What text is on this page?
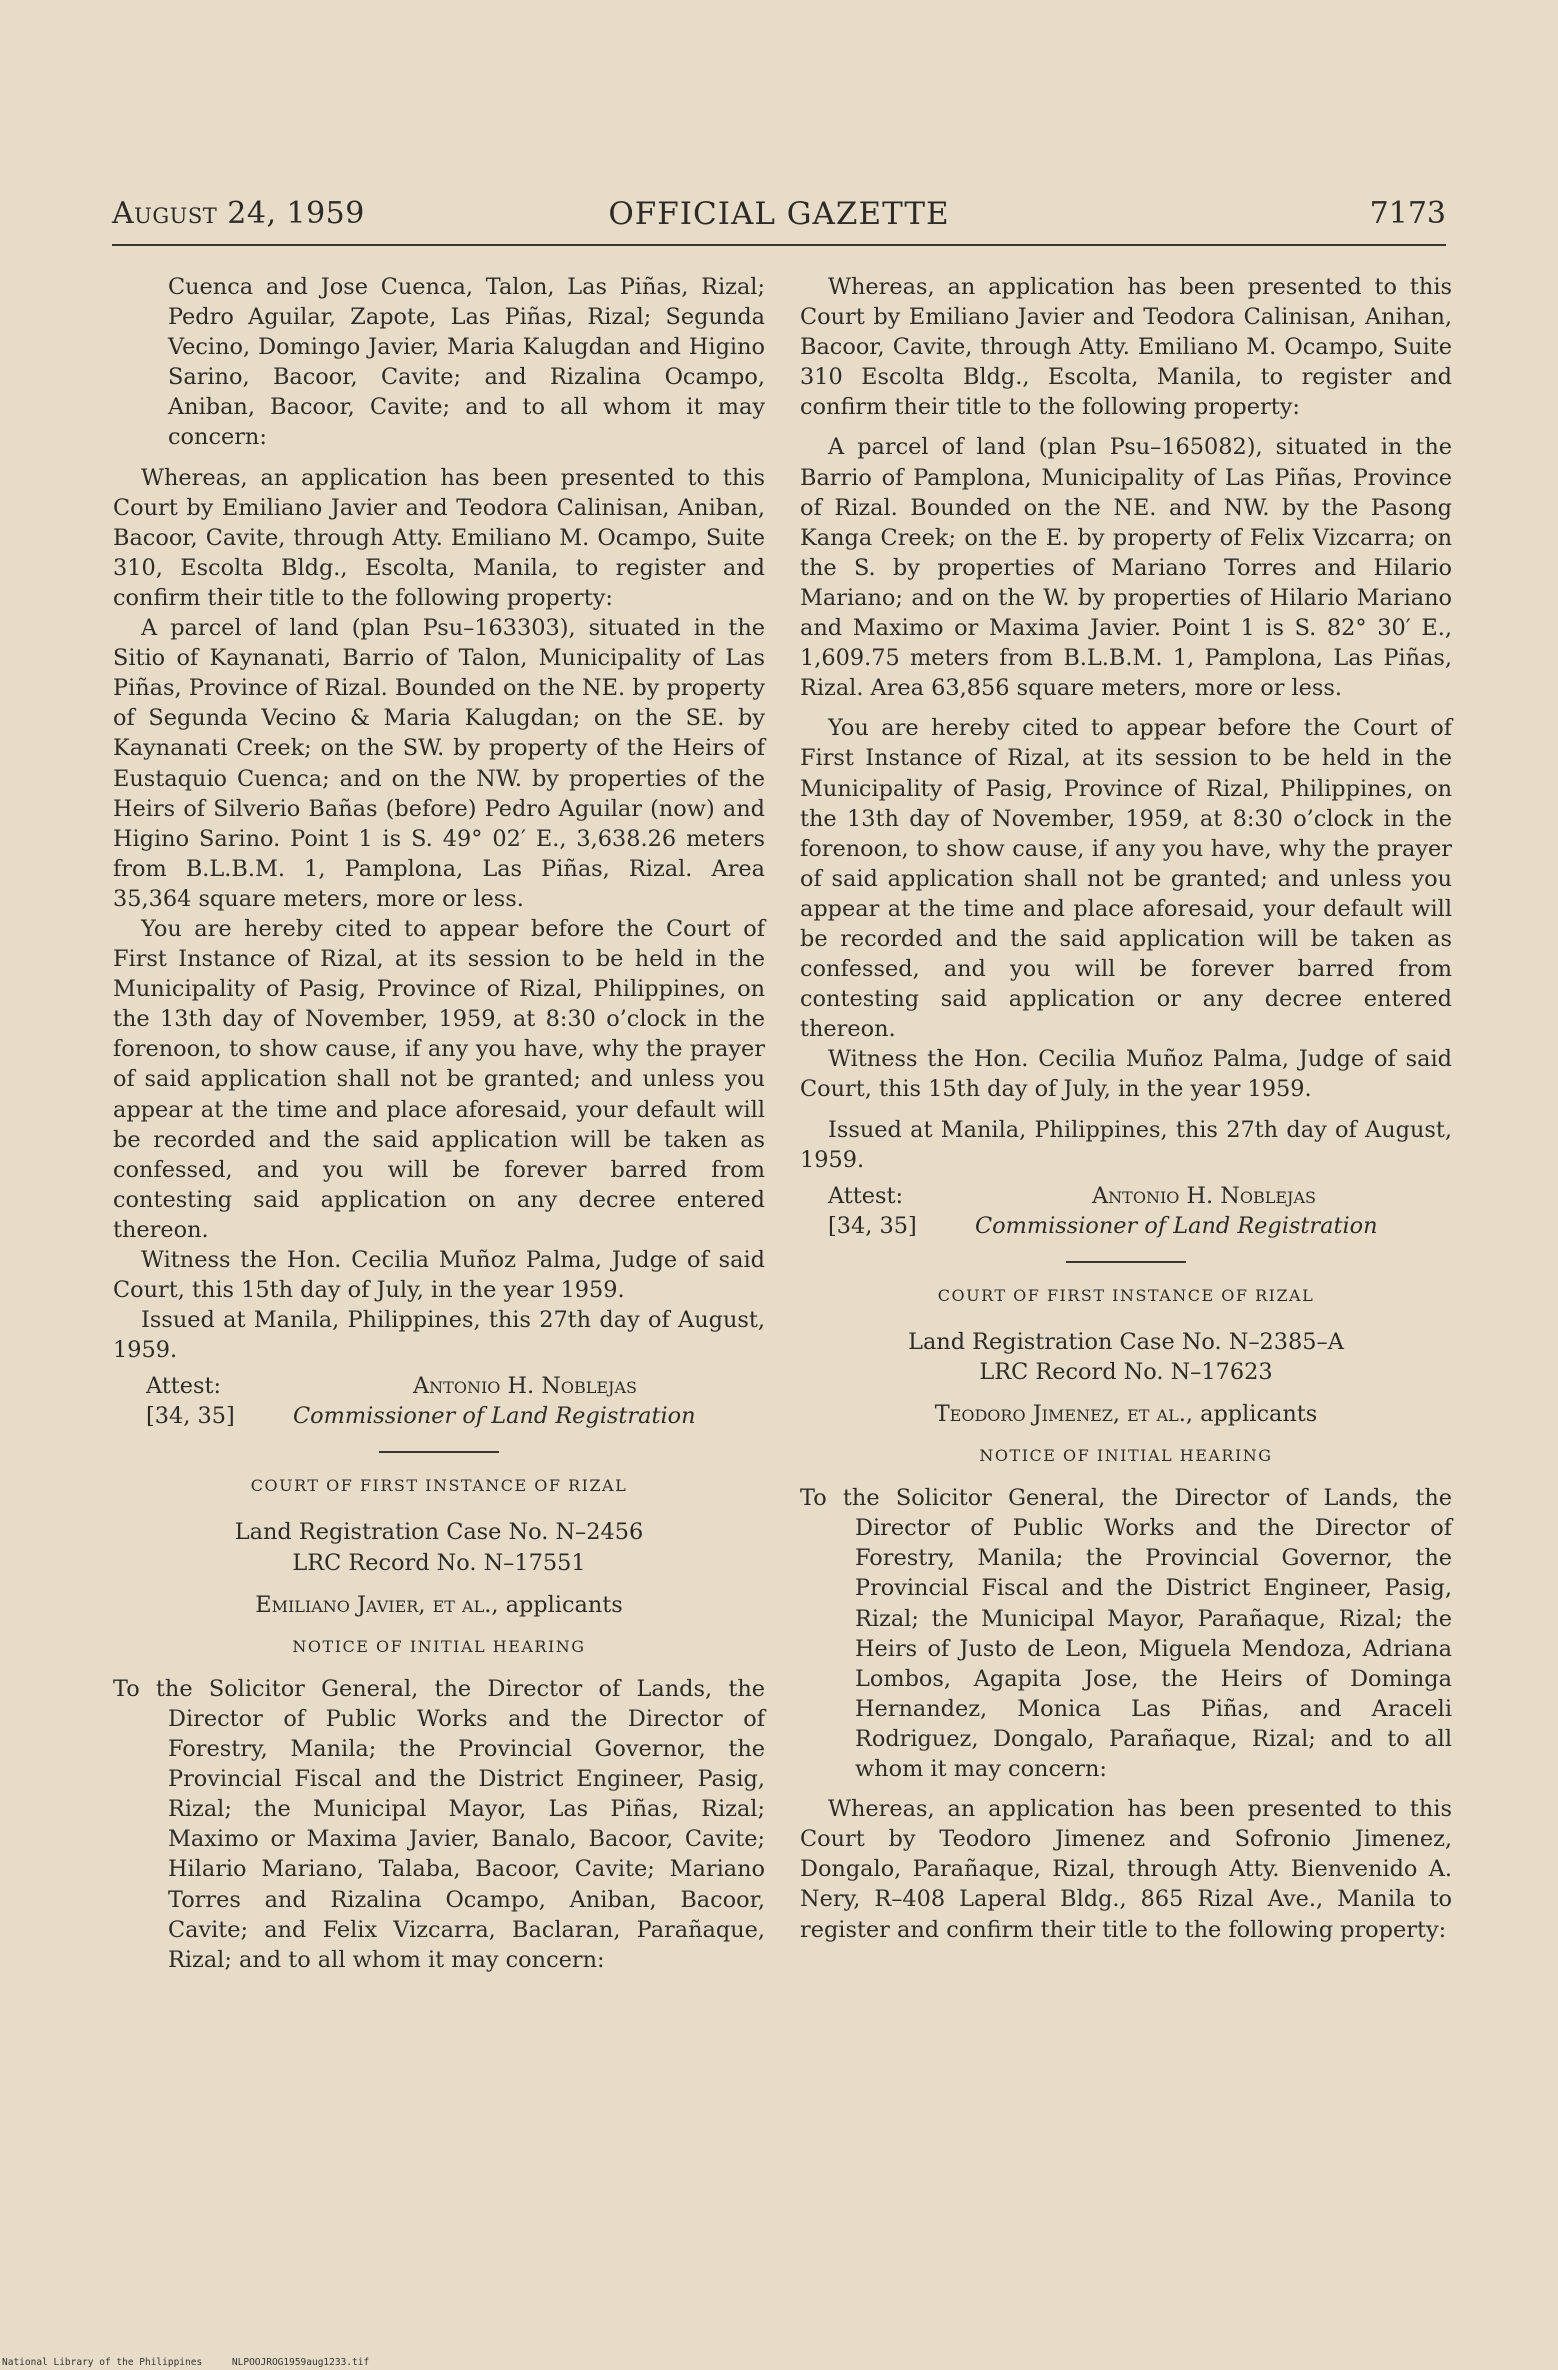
OFFICIAL GAZETTE
August 24, 1959	7173

Cuenca and Jose Cuenca, Talon, Las Piñas, Rizal; Pedro Aguilar, Zapote, Las Piñas, Rizal; Segunda Vecino, Domingo Javier, Maria Kalugdan and Higino Sarino, Bacoor, Cavite; and Rizalina Ocampo, Aniban, Bacoor, Cavite; and to all whom it may concern:

Whereas, an application has been presented to this Court by Emiliano Javier and Teodora Calinisan, Aniban, Bacoor, Cavite, through Atty. Emiliano M. Ocampo, Suite 310, Escolta Bldg., Escolta, Manila, to register and confirm their title to the following property:

A parcel of land (plan Psu–163303), situated in the Sitio of Kaynanati, Barrio of Talon, Municipality of Las Piñas, Province of Rizal. Bounded on the NE. by property of Segunda Vecino & Maria Kalugdan; on the SE. by Kaynanati Creek; on the SW. by property of the Heirs of Eustaquio Cuenca; and on the NW. by properties of the Heirs of Silverio Bañas (before) Pedro Aguilar (now) and Higino Sarino. Point 1 is S. 49° 02′ E., 3,638.26 meters from B.L.B.M. 1, Pamplona, Las Piñas, Rizal. Area 35,364 square meters, more or less.

You are hereby cited to appear before the Court of First Instance of Rizal, at its session to be held in the Municipality of Pasig, Province of Rizal, Philippines, on the 13th day of November, 1959, at 8:30 o’clock in the forenoon, to show cause, if any you have, why the prayer of said application shall not be granted; and unless you appear at the time and place aforesaid, your default will be recorded and the said application will be taken as confessed, and you will be forever barred from contesting said application on any decree entered thereon.

Witness the Hon. Cecilia Muñoz Palma, Judge of said Court, this 15th day of July, in the year 1959.

Issued at Manila, Philippines, this 27th day of August, 1959.

Attest:
[34, 35]
Antonio H. Noblejas
Commissioner of Land Registration
COURT OF FIRST INSTANCE OF RIZAL
Land Registration Case No. N–2456
LRC Record No. N–17551
Emiliano Javier, et al., applicants
NOTICE OF INITIAL HEARING

To the Solicitor General, the Director of Lands, the Director of Public Works and the Director of Forestry, Manila; the Provincial Governor, the Provincial Fiscal and the District Engineer, Pasig, Rizal; the Municipal Mayor, Las Piñas, Rizal; Maximo or Maxima Javier, Banalo, Bacoor, Cavite; Hilario Mariano, Talaba, Bacoor, Cavite; Mariano Torres and Rizalina Ocampo, Aniban, Bacoor, Cavite; and Felix Vizcarra, Baclaran, Parañaque, Rizal; and to all whom it may concern:

Whereas, an application has been presented to this Court by Emiliano Javier and Teodora Calinisan, Anihan, Bacoor, Cavite, through Atty. Emiliano M. Ocampo, Suite 310 Escolta Bldg., Escolta, Manila, to register and confirm their title to the following property:

A parcel of land (plan Psu–165082), situated in the Barrio of Pamplona, Municipality of Las Piñas, Province of Rizal. Bounded on the NE. and NW. by the Pasong Kanga Creek; on the E. by property of Felix Vizcarra; on the S. by properties of Mariano Torres and Hilario Mariano; and on the W. by properties of Hilario Mariano and Maximo or Maxima Javier. Point 1 is S. 82° 30′ E., 1,609.75 meters from B.L.B.M. 1, Pamplona, Las Piñas, Rizal. Area 63,856 square meters, more or less.

You are hereby cited to appear before the Court of First Instance of Rizal, at its session to be held in the Municipality of Pasig, Province of Rizal, Philippines, on the 13th day of November, 1959, at 8:30 o’clock in the forenoon, to show cause, if any you have, why the prayer of said application shall not be granted; and unless you appear at the time and place aforesaid, your default will be recorded and the said application will be taken as confessed, and you will be forever barred from contesting said application or any decree entered thereon.

Witness the Hon. Cecilia Muñoz Palma, Judge of said Court, this 15th day of July, in the year 1959.

Issued at Manila, Philippines, this 27th day of August, 1959.

Attest:
[34, 35]
Antonio H. Noblejas
Commissioner of Land Registration
COURT OF FIRST INSTANCE OF RIZAL
Land Registration Case No. N–2385–A
LRC Record No. N–17623
Teodoro Jimenez, et al., applicants
NOTICE OF INITIAL HEARING

To the Solicitor General, the Director of Lands, the Director of Public Works and the Director of Forestry, Manila; the Provincial Governor, the Provincial Fiscal and the District Engineer, Pasig, Rizal; the Municipal Mayor, Parañaque, Rizal; the Heirs of Justo de Leon, Miguela Mendoza, Adriana Lombos, Agapita Jose, the Heirs of Dominga Hernandez, Monica Las Piñas, and Araceli Rodriguez, Dongalo, Parañaque, Rizal; and to all whom it may concern:

Whereas, an application has been presented to this Court by Teodoro Jimenez and Sofronio Jimenez, Dongalo, Parañaque, Rizal, through Atty. Bienvenido A. Nery, R–408 Laperal Bldg., 865 Rizal Ave., Manila to register and confirm their title to the following property:

National Library of the Philippines	NLPOOJROG1959aug1233.tif
